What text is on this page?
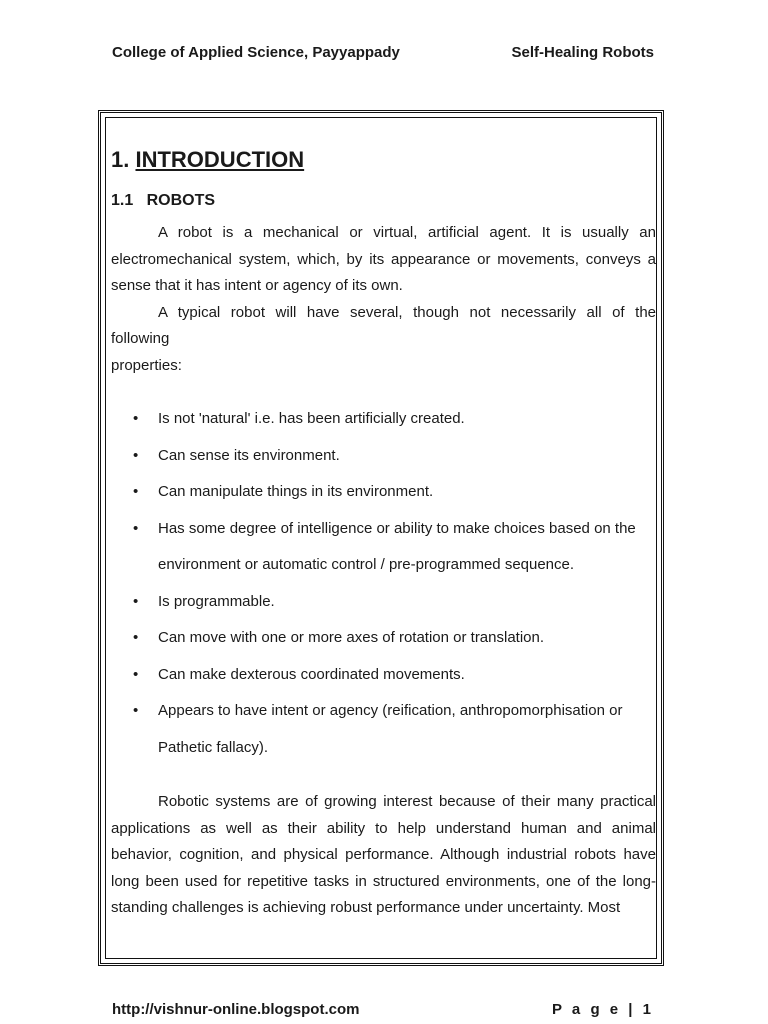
College of Applied Science, Payyappady	Self-Healing Robots
1. INTRODUCTION
1.1 ROBOTS

A robot is a mechanical or virtual, artificial agent. It is usually an electromechanical system, which, by its appearance or movements, conveys a sense that it has intent or agency of its own.

A typical robot will have several, though not necessarily all of the

following

properties:

• Is not 'natural' i.e. has been artificially created.
• Can sense its environment.
• Can manipulate things in its environment.
• Has some degree of intelligence or ability to make choices based on the
environment or automatic control / pre-programmed sequence.
• Is programmable.
• Can move with one or more axes of rotation or translation.
• Can make dexterous coordinated movements.
• Appears to have intent or agency (reification, anthropomorphisation or
Pathetic fallacy).

Robotic systems are of growing interest because of their many practical applications as well as their ability to help understand human and animal behavior, cognition, and physical performance. Although industrial robots have long been used for repetitive tasks in structured environments, one of the long-standing challenges is achieving robust performance under uncertainty. Most

http://vishnur-online.blogspot.com	P a g e | 1
